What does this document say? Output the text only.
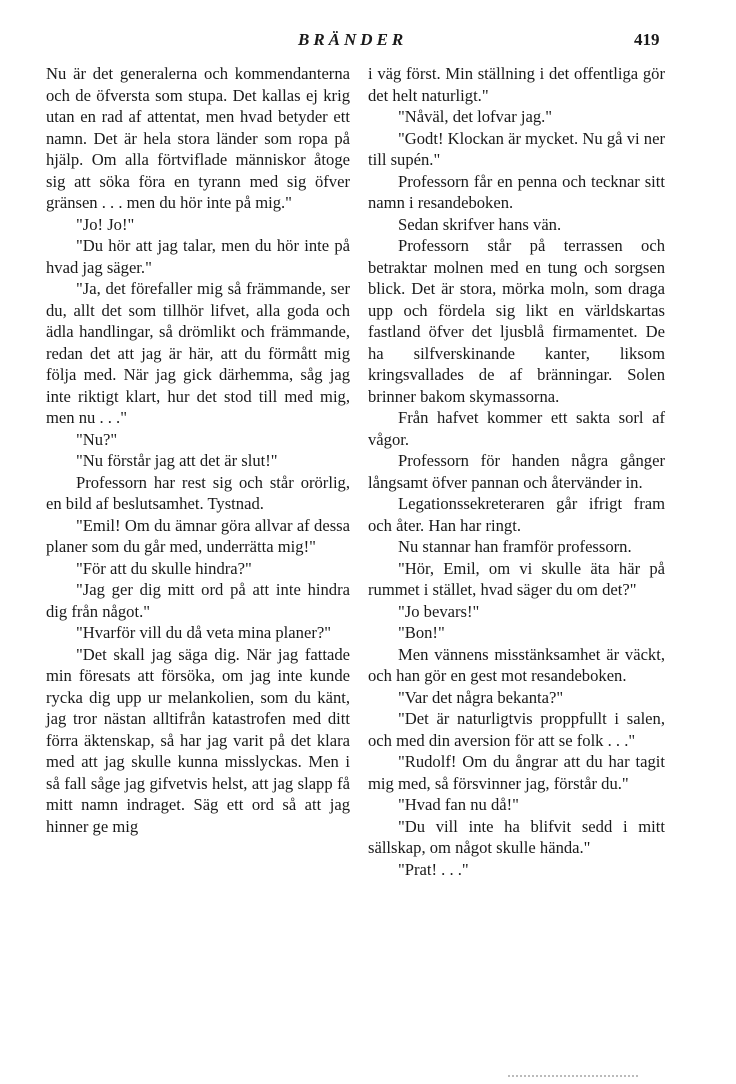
BRÄNDER	419

Nu är det generalerna och kommendanterna och de öfversta som stupa. Det kallas ej krig utan en rad af attentat, men hvad betyder ett namn. Det är hela stora länder som ropa på hjälp. Om alla förtviflade människor åtoge sig att söka föra en tyrann med sig öfver gränsen . . . men du hör inte på mig."

"Jo! Jo!"

"Du hör att jag talar, men du hör inte på hvad jag säger."

"Ja, det förefaller mig så främmande, ser du, allt det som tillhör lifvet, alla goda och ädla handlingar, så drömlikt och främmande, redan det att jag är här, att du förmått mig följa med. När jag gick därhemma, såg jag inte riktigt klart, hur det stod till med mig, men nu . . ."

"Nu?"

"Nu förstår jag att det är slut!"

Professorn har rest sig och står orörlig, en bild af beslutsamhet. Tystnad.

"Emil! Om du ämnar göra allvar af dessa planer som du går med, underrätta mig!"

"För att du skulle hindra?"

"Jag ger dig mitt ord på att inte hindra dig från något."

"Hvarför vill du då veta mina planer?"

"Det skall jag säga dig. När jag fattade min föresats att försöka, om jag inte kunde rycka dig upp ur melankolien, som du känt, jag tror nästan alltifrån katastrofen med ditt förra äktenskap, så har jag varit på det klara med att jag skulle kunna misslyckas. Men i så fall såge jag gifvetvis helst, att jag slapp få mitt namn indraget. Säg ett ord så att jag hinner ge mig

i väg först. Min ställning i det offentliga gör det helt naturligt."

"Nåväl, det lofvar jag."

"Godt! Klockan är mycket. Nu gå vi ner till supén."

Professorn får en penna och tecknar sitt namn i resandeboken.

Sedan skrifver hans vän.

Professorn står på terrassen och betraktar molnen med en tung och sorgsen blick. Det är stora, mörka moln, som draga upp och fördela sig likt en världskartas fastland öfver det ljusblå firmamentet. De ha silfverskinande kanter, liksom kringsvallades de af bränningar. Solen brinner bakom skymassorna.

Från hafvet kommer ett sakta sorl af vågor.

Professorn för handen några gånger långsamt öfver pannan och återvänder in.

Legationssekreteraren går ifrigt fram och åter. Han har ringt.

Nu stannar han framför professorn.

"Hör, Emil, om vi skulle äta här på rummet i stället, hvad säger du om det?"

"Jo bevars!"

"Bon!"

Men vännens misstänksamhet är väckt, och han gör en gest mot resandeboken.

"Var det några bekanta?"

"Det är naturligtvis proppfullt i salen, och med din aversion för att se folk . . ."

"Rudolf! Om du ångrar att du har tagit mig med, så försvinner jag, förstår du."

"Hvad fan nu då!"

"Du vill inte ha blifvit sedd i mitt sällskap, om något skulle hända."

"Prat! . . ."
